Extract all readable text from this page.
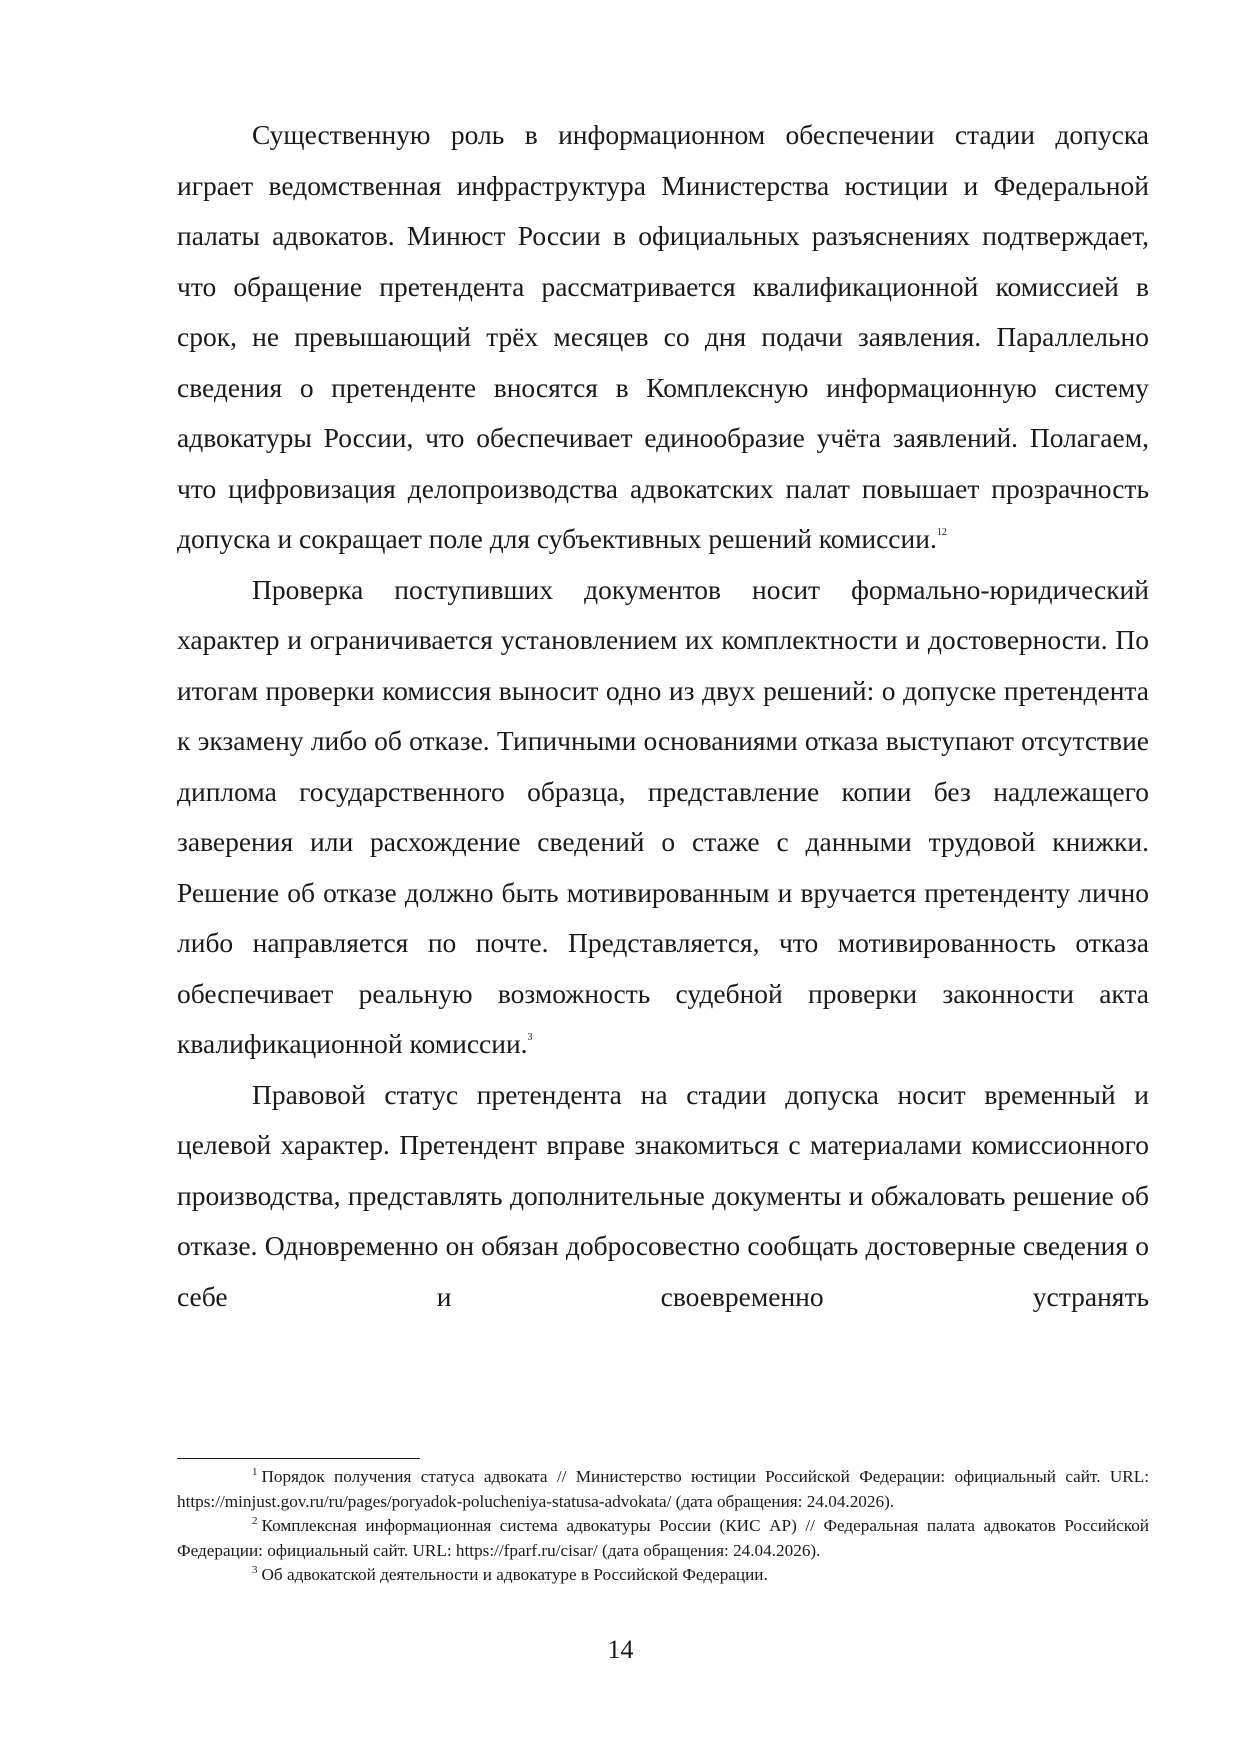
Существенную роль в информационном обеспечении стадии допуска играет ведомственная инфраструктура Министерства юстиции и Федеральной палаты адвокатов. Минюст России в официальных разъяснениях подтверждает, что обращение претендента рассматривается квалификационной комиссией в срок, не превышающий трёх месяцев со дня подачи заявления. Параллельно сведения о претенденте вносятся в Комплексную информационную систему адвокатуры России, что обеспечивает единообразие учёта заявлений. Полагаем, что цифровизация делопроизводства адвокатских палат повышает прозрачность допуска и сокращает поле для субъективных решений комиссии.$^{12}$

Проверка поступивших документов носит формально-юридический характер и ограничивается установлением их комплектности и достоверности. По итогам проверки комиссия выносит одно из двух решений: о допуске претендента к экзамену либо об отказе. Типичными основаниями отказа выступают отсутствие диплома государственного образца, представление копии без надлежащего заверения или расхождение сведений о стаже с данными трудовой книжки. Решение об отказе должно быть мотивированным и вручается претенденту лично либо направляется по почте. Представляется, что мотивированность отказа обеспечивает реальную возможность судебной проверки законности акта квалификационной комиссии.$^3$

Правовой статус претендента на стадии допуска носит временный и целевой характер. Претендент вправе знакомиться с материалами комиссионного производства, представлять дополнительные документы и обжаловать решение об отказе. Одновременно он обязан добросовестно сообщать достоверные сведения о себе и своевременно устранять

$^1$ Порядок получения статуса адвоката // Министерство юстиции Российской Федерации: официальный сайт. URL: https://minjust.gov.ru/ru/pages/poryadok-polucheniya-statusa-advokata/ (дата обращения: 24.04.2026).

$^2$ Комплексная информационная система адвокатуры России (КИС АР) // Федеральная палата адвокатов Российской Федерации: официальный сайт. URL: https://fparf.ru/cisar/ (дата обращения: 24.04.2026).

$^3$ Об адвокатской деятельности и адвокатуре в Российской Федерации.

14
